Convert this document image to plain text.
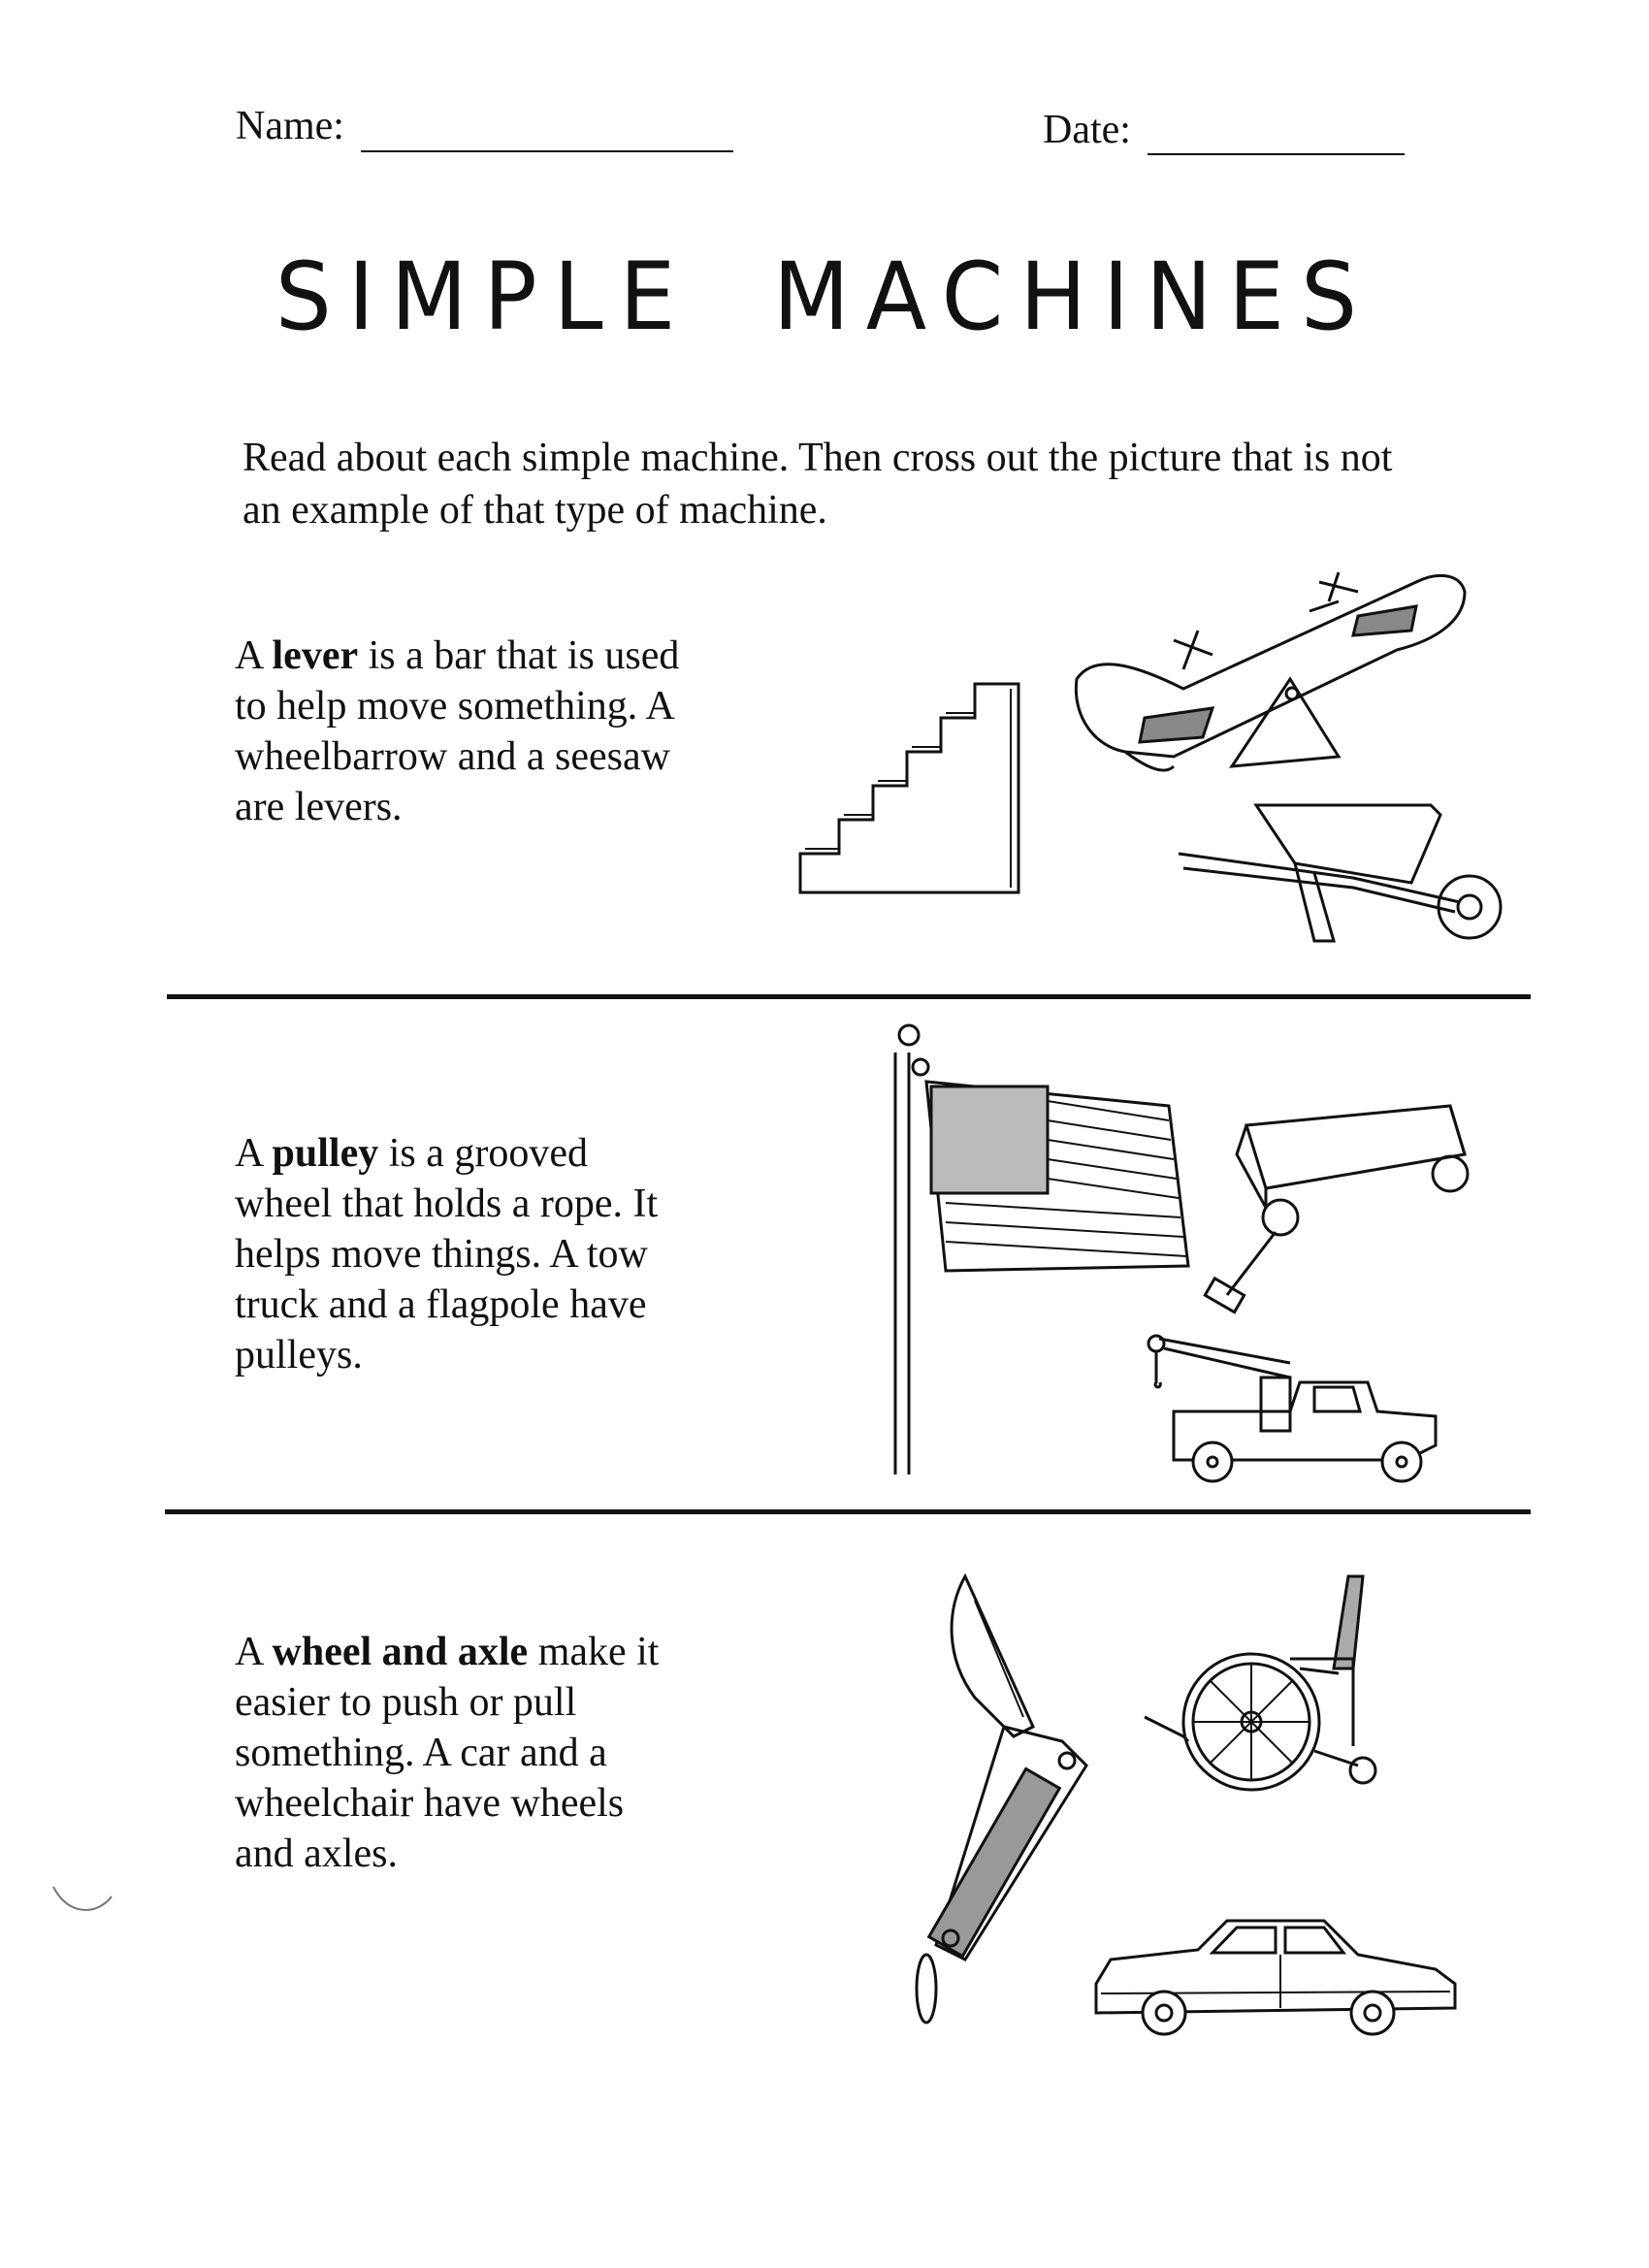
Name:	Date:
SIMPLE MACHINES
Read about each simple machine. Then cross out the picture that is not an example of that type of machine.
A lever is a bar that is used to help move something. A wheelbarrow and a seesaw are levers.
A pulley is a grooved wheel that holds a rope. It helps move things. A tow truck and a flagpole have pulleys.
A wheel and axle make it easier to push or pull something. A car and a wheelchair have wheels and axles.
